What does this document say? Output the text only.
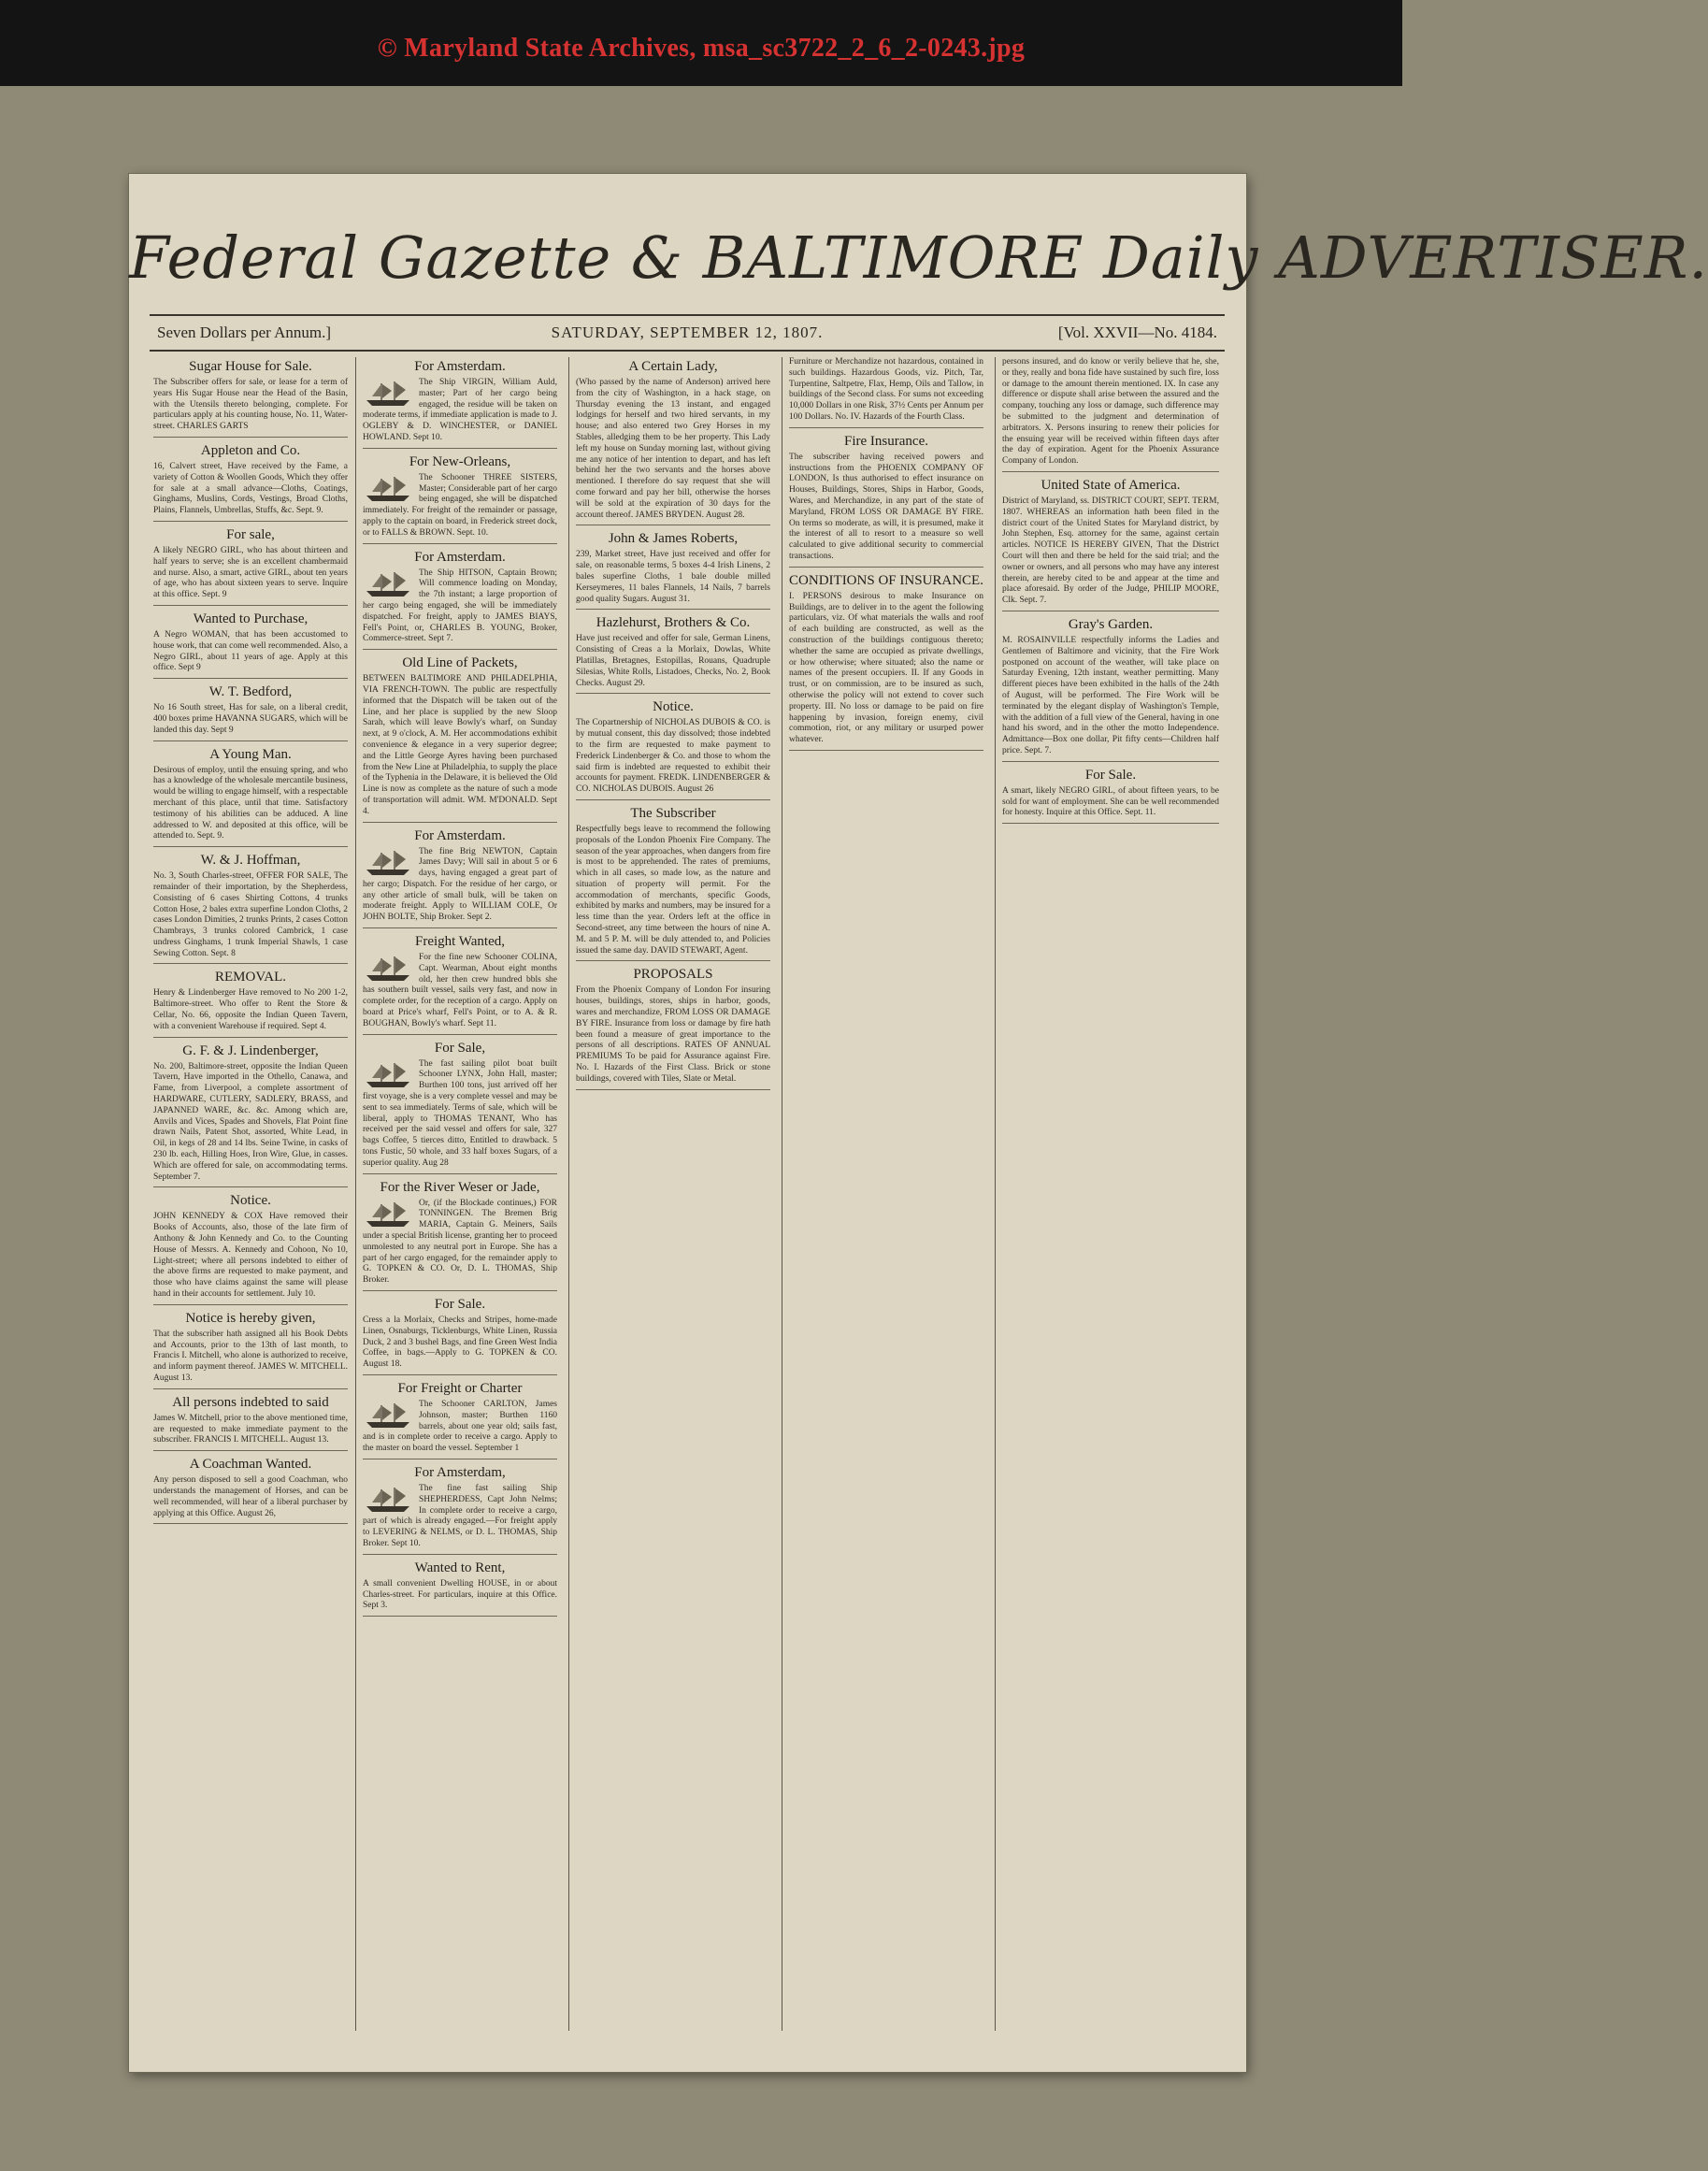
© Maryland State Archives, msa_sc3722_2_6_2-0243.jpg
Federal Gazette & BALTIMORE Daily ADVERTISER.
Seven Dollars per Annum.]	SATURDAY, SEPTEMBER 12, 1807.	[Vol. XXVII—No. 4184.
Sugar House for Sale.

The Subscriber offers for sale, or lease for a term of years His Sugar House near the Head of the Basin, with the Utensils thereto belonging, complete. For particulars apply at his counting house, No. 11, Water-street. CHARLES GARTS

Appleton and Co.

16, Calvert street, Have received by the Fame, a variety of Cotton & Woollen Goods, Which they offer for sale at a small advance—Cloths, Coatings, Ginghams, Muslins, Cords, Vestings, Broad Cloths, Plains, Flannels, Umbrellas, Stuffs, &c. Sept. 9.

For sale,

A likely NEGRO GIRL, who has about thirteen and half years to serve; she is an excellent chambermaid and nurse. Also, a smart, active GIRL, about ten years of age, who has about sixteen years to serve. Inquire at this office. Sept. 9

Wanted to Purchase,

A Negro WOMAN, that has been accustomed to house work, that can come well recommended. Also, a Negro GIRL, about 11 years of age. Apply at this office. Sept 9

W. T. Bedford,

No 16 South street, Has for sale, on a liberal credit, 400 boxes prime HAVANNA SUGARS, which will be landed this day. Sept 9

A Young Man.

Desirous of employ, until the ensuing spring, and who has a knowledge of the wholesale mercantile business, would be willing to engage himself, with a respectable merchant of this place, until that time. Satisfactory testimony of his abilities can be adduced. A line addressed to W. and deposited at this office, will be attended to. Sept. 9.

W. & J. Hoffman,

No. 3, South Charles-street, OFFER FOR SALE, The remainder of their importation, by the Shepherdess, Consisting of 6 cases Shirting Cottons, 4 trunks Cotton Hose, 2 bales extra superfine London Cloths, 2 cases London Dimities, 2 trunks Prints, 2 cases Cotton Chambrays, 3 trunks colored Cambrick, 1 case undress Ginghams, 1 trunk Imperial Shawls, 1 case Sewing Cotton. Sept. 8

REMOVAL.

Henry & Lindenberger Have removed to No 200 1-2, Baltimore-street. Who offer to Rent the Store & Cellar, No. 66, opposite the Indian Queen Tavern, with a convenient Warehouse if required. Sept 4.

G. F. & J. Lindenberger,

No. 200, Baltimore-street, opposite the Indian Queen Tavern, Have imported in the Othello, Canawa, and Fame, from Liverpool, a complete assortment of HARDWARE, CUTLERY, SADLERY, BRASS, and JAPANNED WARE, &c. &c. Among which are, Anvils and Vices, Spades and Shovels, Flat Point fine drawn Nails, Patent Shot, assorted, White Lead, in Oil, in kegs of 28 and 14 lbs. Seine Twine, in casks of 230 lb. each, Hilling Hoes, Iron Wire, Glue, in casses. Which are offered for sale, on accommodating terms. September 7.

Notice.

JOHN KENNEDY & COX Have removed their Books of Accounts, also, those of the late firm of Anthony & John Kennedy and Co. to the Counting House of Messrs. A. Kennedy and Cohoon, No 10, Light-street; where all persons indebted to either of the above firms are requested to make payment, and those who have claims against the same will please hand in their accounts for settlement. July 10.

Notice is hereby given,

That the subscriber hath assigned all his Book Debts and Accounts, prior to the 13th of last month, to Francis I. Mitchell, who alone is authorized to receive, and inform payment thereof. JAMES W. MITCHELL. August 13.

All persons indebted to said

James W. Mitchell, prior to the above mentioned time, are requested to make immediate payment to the subscriber. FRANCIS I. MITCHELL. August 13.

A Coachman Wanted.

Any person disposed to sell a good Coachman, who understands the management of Horses, and can be well recommended, will hear of a liberal purchaser by applying at this Office. August 26,

For Amsterdam.

The Ship VIRGIN, William Auld, master; Part of her cargo being engaged, the residue will be taken on moderate terms, if immediate application is made to J. OGLEBY & D. WINCHESTER, or DANIEL HOWLAND. Sept 10.

For New-Orleans,

The Schooner THREE SISTERS, Master; Considerable part of her cargo being engaged, she will be dispatched immediately. For freight of the remainder or passage, apply to the captain on board, in Frederick street dock, or to FALLS & BROWN. Sept. 10.

For Amsterdam.

The Ship HITSON, Captain Brown; Will commence loading on Monday, the 7th instant; a large proportion of her cargo being engaged, she will be immediately dispatched. For freight, apply to JAMES BIAYS, Fell's Point, or, CHARLES B. YOUNG, Broker, Commerce-street. Sept 7.

Old Line of Packets,

BETWEEN BALTIMORE AND PHILADELPHIA, VIA FRENCH-TOWN. The public are respectfully informed that the Dispatch will be taken out of the Line, and her place is supplied by the new Sloop Sarah, which will leave Bowly's wharf, on Sunday next, at 9 o'clock, A. M. Her accommodations exhibit convenience & elegance in a very superior degree; and the Little George Ayres having been purchased from the New Line at Philadelphia, to supply the place of the Typhenia in the Delaware, it is believed the Old Line is now as complete as the nature of such a mode of transportation will admit. WM. M'DONALD. Sept 4.

For Amsterdam.

The fine Brig NEWTON, Captain James Davy; Will sail in about 5 or 6 days, having engaged a great part of her cargo; Dispatch. For the residue of her cargo, or any other article of small bulk, will be taken on moderate freight. Apply to WILLIAM COLE, Or JOHN BOLTE, Ship Broker. Sept 2.

Freight Wanted,

For the fine new Schooner COLINA, Capt. Wearman, About eight months old, her then crew hundred bbls she has southern built vessel, sails very fast, and now in complete order, for the reception of a cargo. Apply on board at Price's wharf, Fell's Point, or to A. & R. BOUGHAN, Bowly's wharf. Sept 11.

For Sale,

The fast sailing pilot boat built Schooner LYNX, John Hall, master; Burthen 100 tons, just arrived off her first voyage, she is a very complete vessel and may be sent to sea immediately. Terms of sale, which will be liberal, apply to THOMAS TENANT, Who has received per the said vessel and offers for sale, 327 bags Coffee, 5 tierces ditto, Entitled to drawback. 5 tons Fustic, 50 whole, and 33 half boxes Sugars, of a superior quality. Aug 28

For the River Weser or Jade,

Or, (if the Blockade continues,) FOR TONNINGEN. The Bremen Brig MARIA, Captain G. Meiners, Sails under a special British license, granting her to proceed unmolested to any neutral port in Europe. She has a part of her cargo engaged, for the remainder apply to G. TOPKEN & CO. Or, D. L. THOMAS, Ship Broker.

For Sale.

Cress a la Morlaix, Checks and Stripes, home-made Linen, Osnaburgs, Ticklenburgs, White Linen, Russia Duck, 2 and 3 bushel Bags, and fine Green West India Coffee, in bags.—Apply to G. TOPKEN & CO. August 18.

For Freight or Charter

The Schooner CARLTON, James Johnson, master; Burthen 1160 barrels, about one year old; sails fast, and is in complete order to receive a cargo. Apply to the master on board the vessel. September 1

For Amsterdam,

The fine fast sailing Ship SHEPHERDESS, Capt John Nelms; In complete order to receive a cargo, part of which is already engaged.—For freight apply to LEVERING & NELMS, or D. L. THOMAS, Ship Broker. Sept 10.

Wanted to Rent,

A small convenient Dwelling HOUSE, in or about Charles-street. For particulars, inquire at this Office. Sept 3.

A Certain Lady,

(Who passed by the name of Anderson) arrived here from the city of Washington, in a hack stage, on Thursday evening the 13 instant, and engaged lodgings for herself and two hired servants, in my house; and also entered two Grey Horses in my Stables, alledging them to be her property. This Lady left my house on Sunday morning last, without giving me any notice of her intention to depart, and has left behind her the two servants and the horses above mentioned. I therefore do say request that she will come forward and pay her bill, otherwise the horses will be sold at the expiration of 30 days for the account thereof. JAMES BRYDEN. August 28.

John & James Roberts,

239, Market street, Have just received and offer for sale, on reasonable terms, 5 boxes 4-4 Irish Linens, 2 bales superfine Cloths, 1 bale double milled Kerseymeres, 11 bales Flannels, 14 Nails, 7 barrels good quality Sugars. August 31.

Hazlehurst, Brothers & Co.

Have just received and offer for sale, German Linens, Consisting of Creas a la Morlaix, Dowlas, White Platillas, Bretagnes, Estopillas, Rouans, Quadruple Silesias, White Rolls, Listadoes, Checks, No. 2, Book Checks. August 29.

Notice.

The Copartnership of NICHOLAS DUBOIS & CO. is by mutual consent, this day dissolved; those indebted to the firm are requested to make payment to Frederick Lindenberger & Co. and those to whom the said firm is indebted are requested to exhibit their accounts for payment. FREDK. LINDENBERGER & CO. NICHOLAS DUBOIS. August 26

The Subscriber

Respectfully begs leave to recommend the following proposals of the London Phoenix Fire Company. The season of the year approaches, when dangers from fire is most to be apprehended. The rates of premiums, which in all cases, so made low, as the nature and situation of property will permit. For the accommodation of merchants, specific Goods, exhibited by marks and numbers, may be insured for a less time than the year. Orders left at the office in Second-street, any time between the hours of nine A. M. and 5 P. M. will be duly attended to, and Policies issued the same day. DAVID STEWART, Agent.

PROPOSALS

From the Phoenix Company of London For insuring houses, buildings, stores, ships in harbor, goods, wares and merchandize, FROM LOSS OR DAMAGE BY FIRE. Insurance from loss or damage by fire hath been found a measure of great importance to the persons of all descriptions. RATES OF ANNUAL PREMIUMS To be paid for Assurance against Fire. No. I. Hazards of the First Class. Brick or stone buildings, covered with Tiles, Slate or Metal.

Furniture or Merchandize not hazardous, contained in such buildings. Hazardous Goods, viz. Pitch, Tar, Turpentine, Saltpetre, Flax, Hemp, Oils and Tallow, in buildings of the Second class. For sums not exceeding 10,000 Dollars in one Risk, 37½ Cents per Annum per 100 Dollars. No. IV. Hazards of the Fourth Class.

Fire Insurance.

The subscriber having received powers and instructions from the PHOENIX COMPANY OF LONDON, Is thus authorised to effect insurance on Houses, Buildings, Stores, Ships in Harbor, Goods, Wares, and Merchandize, in any part of the state of Maryland, FROM LOSS OR DAMAGE BY FIRE. On terms so moderate, as will, it is presumed, make it the interest of all to resort to a measure so well calculated to give additional security to commercial transactions.

CONDITIONS OF INSURANCE.

I. PERSONS desirous to make Insurance on Buildings, are to deliver in to the agent the following particulars, viz. Of what materials the walls and roof of each building are constructed, as well as the construction of the buildings contiguous thereto; whether the same are occupied as private dwellings, or how otherwise; where situated; also the name or names of the present occupiers. II. If any Goods in trust, or on commission, are to be insured as such, otherwise the policy will not extend to cover such property. III. No loss or damage to be paid on fire happening by invasion, foreign enemy, civil commotion, riot, or any military or usurped power whatever.

persons insured, and do know or verily believe that he, she, or they, really and bona fide have sustained by such fire, loss or damage to the amount therein mentioned. IX. In case any difference or dispute shall arise between the assured and the company, touching any loss or damage, such difference may be submitted to the judgment and determination of arbitrators. X. Persons insuring to renew their policies for the ensuing year will be received within fifteen days after the day of expiration. Agent for the Phoenix Assurance Company of London.

United State of America.

District of Maryland, ss. DISTRICT COURT, SEPT. TERM, 1807. WHEREAS an information hath been filed in the district court of the United States for Maryland district, by John Stephen, Esq. attorney for the same, against certain articles. NOTICE IS HEREBY GIVEN, That the District Court will then and there be held for the said trial; and the owner or owners, and all persons who may have any interest therein, are hereby cited to be and appear at the time and place aforesaid. By order of the Judge, PHILIP MOORE, Clk. Sept. 7.

Gray's Garden.

M. ROSAINVILLE respectfully informs the Ladies and Gentlemen of Baltimore and vicinity, that the Fire Work postponed on account of the weather, will take place on Saturday Evening, 12th instant, weather permitting. Many different pieces have been exhibited in the halls of the 24th of August, will be performed. The Fire Work will be terminated by the elegant display of Washington's Temple, with the addition of a full view of the General, having in one hand his sword, and in the other the motto Independence. Admittance—Box one dollar, Pit fifty cents—Children half price. Sept. 7.

For Sale.

A smart, likely NEGRO GIRL, of about fifteen years, to be sold for want of employment. She can be well recommended for honesty. Inquire at this Office. Sept. 11.
